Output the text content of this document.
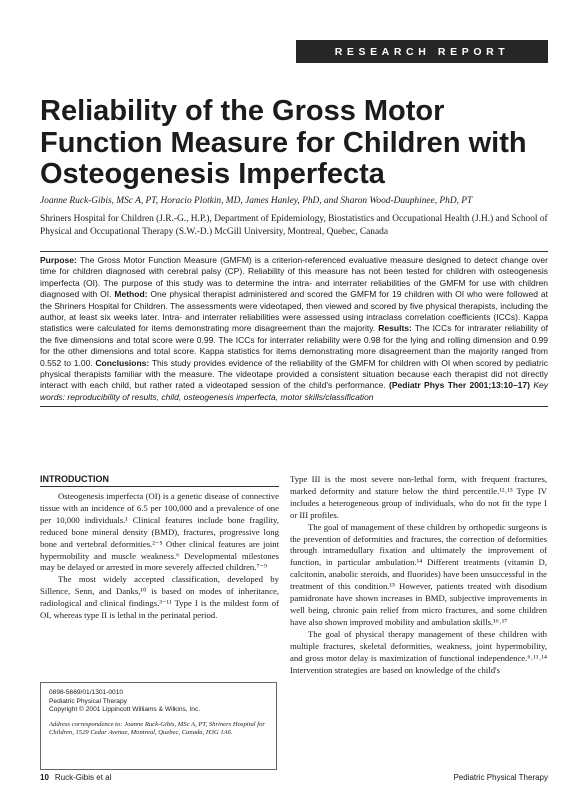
RESEARCH REPORT
Reliability of the Gross Motor Function Measure for Children with Osteogenesis Imperfecta

Joanne Ruck-Gibis, MSc A, PT, Horacio Plotkin, MD, James Hanley, PhD, and Sharon Wood-Dauphinee, PhD, PT

Shriners Hospital for Children (J.R.-G., H.P.), Department of Epidemiology, Biostatistics and Occupational Health (J.H.) and School of Physical and Occupational Therapy (S.W.-D.) McGill University, Montreal, Quebec, Canada

Purpose: The Gross Motor Function Measure (GMFM) is a criterion-referenced evaluative measure designed to detect change over time for children diagnosed with cerebral palsy (CP). Reliability of this measure has not been tested for children with osteogenesis imperfecta (OI). The purpose of this study was to determine the intra- and interrater reliabilities of the GMFM for use with children diagnosed with OI. Method: One physical therapist administered and scored the GMFM for 19 children with OI who were followed at the Shriners Hospital for Children. The assessments were videotaped, then viewed and scored by five physical therapists, including the author, at least six weeks later. Intra- and interrater reliabilities were assessed using intraclass correlation coefficients (ICCs). Kappa statistics were calculated for items demonstrating more disagreement than the majority. Results: The ICCs for intrarater reliability of the five dimensions and total score were 0.99. The ICCs for interrater reliability were 0.98 for the lying and rolling dimension and 0.99 for the other dimensions and total score. Kappa statistics for items demonstrating more disagreement than the majority ranged from 0.552 to 1.00. Conclusions: This study provides evidence of the reliability of the GMFM for children with OI when scored by pediatric physical therapists familiar with the measure. The videotape provided a consistent situation because each therapist did not directly interact with each child, but rather rated a videotaped session of the child's performance. (Pediatr Phys Ther 2001;13:10–17) Key words: reproducibility of results, child, osteogenesis imperfecta, motor skills/classification

INTRODUCTION

Osteogenesis imperfecta (OI) is a genetic disease of connective tissue with an incidence of 6.5 per 100,000 and a prevalence of one per 10,000 individuals.¹ Clinical features include bone fragility, reduced bone mineral density (BMD), fractures, progressive long bone and vertebral deformities.²⁻⁵ Other clinical features are joint hypermobility and muscle weakness.⁶ Developmental milestones may be delayed or arrested in more severely affected children.⁷⁻⁹

The most widely accepted classification, developed by Sillence, Senn, and Danks,¹⁰ is based on modes of inheritance, radiological and clinical findings.³⁻¹¹ Type I is the mildest form of OI, whereas type II is lethal in the perinatal period.

Type III is the most severe non-lethal form, with frequent fractures, marked deformity and stature below the third percentile.¹²˒¹³ Type IV includes a heterogeneous group of individuals, who do not fit the type I or III profiles.

The goal of management of these children by orthopedic surgeons is the prevention of deformities and fractures, the correction of deformities through intramedullary fixation and ultimately the improvement of function, in particular ambulation.¹⁴ Different treatments (vitamin D, calcitonin, anabolic steroids, and fluorides) have been unsuccessful in the treatment of this condition.¹⁵ However, patients treated with disodium pamidronate have shown increases in BMD, subjective improvements in well being, chronic pain relief from micro fractures, and some children have also shown improved mobility and ambulation skills.¹⁶˒¹⁷

The goal of physical therapy management of these children with multiple fractures, skeletal deformities, weakness, joint hypermobility, and gross motor delay is maximization of functional independence.⁶˒¹¹˒¹⁴ Intervention strategies are based on knowledge of the child's

0898-5669/01/1301-0010

Pediatric Physical Therapy

Copyright © 2001 Lippincott Williams & Wilkins, Inc.

Address correspondence to: Joanne Ruck-Gibis, MSc A, PT, Shriners Hospital for Children, 1529 Cedar Avenue, Montreal, Quebec, Canada, H3G 1A6.

10 Ruck-Gibis et al	Pediatric Physical Therapy
